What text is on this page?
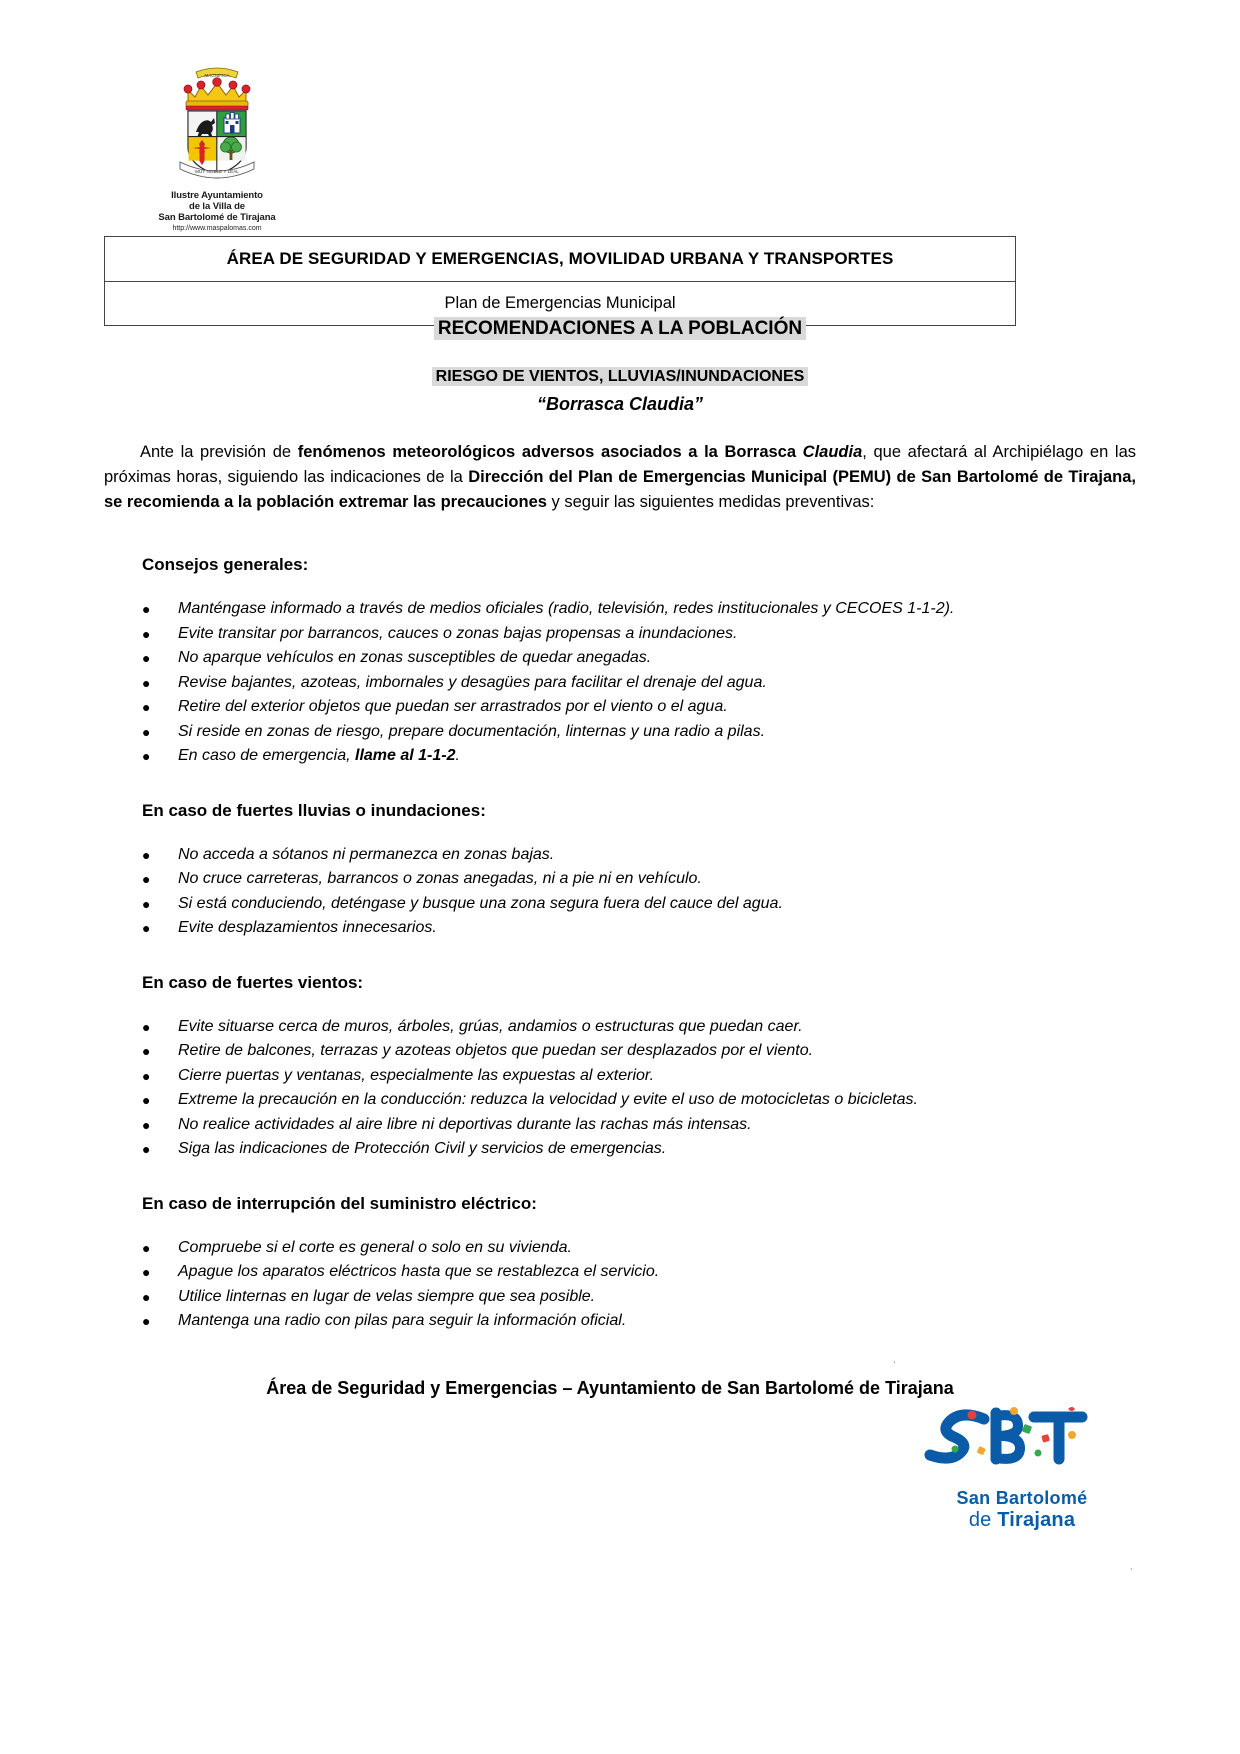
MAGNIFICA
MUY NOBLE Y LEAL
Ilustre Ayuntamiento
de la Villa de
San Bartolomé de Tirajana
http://www.maspalomas.com
ÁREA DE SEGURIDAD Y EMERGENCIAS, MOVILIDAD URBANA Y TRANSPORTES
Plan de Emergencias Municipal
RECOMENDACIONES A LA POBLACIÓN
RIESGO DE VIENTOS, LLUVIAS/INUNDACIONES
“Borrasca Claudia”

Ante la previsión de fenómenos meteorológicos adversos asociados a la Borrasca Claudia, que afectará al Archipiélago en las próximas horas, siguiendo las indicaciones de la Dirección del Plan de Emergencias Municipal (PEMU) de San Bartolomé de Tirajana, se recomienda a la población extremar las precauciones y seguir las siguientes medidas preventivas:

Consejos generales:
● Manténgase informado a través de medios oficiales (radio, televisión, redes institucionales y CECOES 1-1-2).
● Evite transitar por barrancos, cauces o zonas bajas propensas a inundaciones.
● No aparque vehículos en zonas susceptibles de quedar anegadas.
● Revise bajantes, azoteas, imbornales y desagües para facilitar el drenaje del agua.
● Retire del exterior objetos que puedan ser arrastrados por el viento o el agua.
● Si reside en zonas de riesgo, prepare documentación, linternas y una radio a pilas.
● En caso de emergencia, llame al 1-1-2.
En caso de fuertes lluvias o inundaciones:
● No acceda a sótanos ni permanezca en zonas bajas.
● No cruce carreteras, barrancos o zonas anegadas, ni a pie ni en vehículo.
● Si está conduciendo, deténgase y busque una zona segura fuera del cauce del agua.
● Evite desplazamientos innecesarios.
En caso de fuertes vientos:
● Evite situarse cerca de muros, árboles, grúas, andamios o estructuras que puedan caer.
● Retire de balcones, terrazas y azoteas objetos que puedan ser desplazados por el viento.
● Cierre puertas y ventanas, especialmente las expuestas al exterior.
● Extreme la precaución en la conducción: reduzca la velocidad y evite el uso de motocicletas o bicicletas.
● No realice actividades al aire libre ni deportivas durante las rachas más intensas.
● Siga las indicaciones de Protección Civil y servicios de emergencias.
En caso de interrupción del suministro eléctrico:
● Compruebe si el corte es general o solo en su vivienda.
● Apague los aparatos eléctricos hasta que se restablezca el servicio.
● Utilice linternas en lugar de velas siempre que sea posible.
● Mantenga una radio con pilas para seguir la información oficial.
Área de Seguridad y Emergencias – Ayuntamiento de San Bartolomé de Tirajana
San Bartolomé
de Tirajana
ꞌ
ꞌ
